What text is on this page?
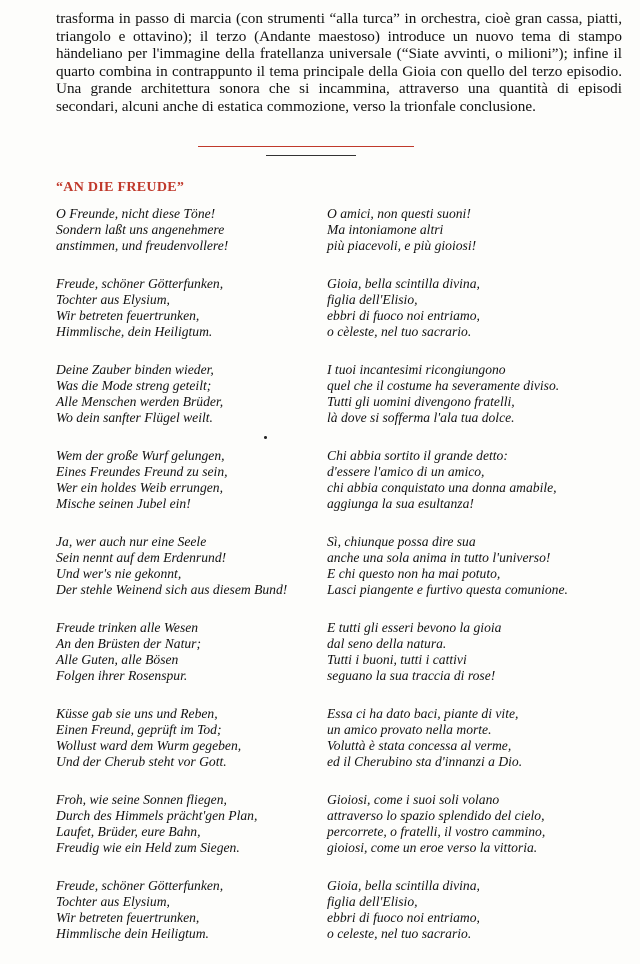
trasforma in passo di marcia (con strumenti “alla turca” in orchestra, cioè gran cassa, piatti, triangolo e ottavino); il terzo (Andante maestoso) introduce un nuovo tema di stampo händeliano per l'immagine della fratellanza universale (“Siate avvinti, o milioni”); infine il quarto combina in contrappunto il tema principale della Gioia con quello del terzo episodio. Una grande architettura sonora che si incammina, attraverso una quantità di episodi secondari, alcuni anche di estatica commozione, verso la trionfale conclusione.

“AN DIE FREUDE”
O Freunde, nicht diese Töne!
Sondern laßt uns angenehmere
anstimmen, und freudenvollere!
Freude, schöner Götterfunken,
Tochter aus Elysium,
Wir betreten feuertrunken,
Himmlische, dein Heiligtum.
Deine Zauber binden wieder,
Was die Mode streng geteilt;
Alle Menschen werden Brüder,
Wo dein sanfter Flügel weilt.
Wem der große Wurf gelungen,
Eines Freundes Freund zu sein,
Wer ein holdes Weib errungen,
Mische seinen Jubel ein!
Ja, wer auch nur eine Seele
Sein nennt auf dem Erdenrund!
Und wer's nie gekonnt,
Der stehle Weinend sich aus diesem Bund!
Freude trinken alle Wesen
An den Brüsten der Natur;
Alle Guten, alle Bösen
Folgen ihrer Rosenspur.
Küsse gab sie uns und Reben,
Einen Freund, geprüft im Tod;
Wollust ward dem Wurm gegeben,
Und der Cherub steht vor Gott.
Froh, wie seine Sonnen fliegen,
Durch des Himmels prächt'gen Plan,
Laufet, Brüder, eure Bahn,
Freudig wie ein Held zum Siegen.
Freude, schöner Götterfunken,
Tochter aus Elysium,
Wir betreten feuertrunken,
Himmlische dein Heiligtum.
O amici, non questi suoni!
Ma intoniamone altri
più piacevoli, e più gioiosi!
Gioia, bella scintilla divina,
figlia dell'Elisio,
ebbri di fuoco noi entriamo,
o cèleste, nel tuo sacrario.
I tuoi incantesimi ricongiungono
quel che il costume ha severamente diviso.
Tutti gli uomini divengono fratelli,
là dove si sofferma l'ala tua dolce.
Chi abbia sortito il grande detto:
d'essere l'amico di un amico,
chi abbia conquistato una donna amabile,
aggiunga la sua esultanza!
Sì, chiunque possa dire sua
anche una sola anima in tutto l'universo!
E chi questo non ha mai potuto,
Lasci piangente e furtivo questa comunione.
E tutti gli esseri bevono la gioia
dal seno della natura.
Tutti i buoni, tutti i cattivi
seguano la sua traccia di rose!
Essa ci ha dato baci, piante di vite,
un amico provato nella morte.
Voluttà è stata concessa al verme,
ed il Cherubino sta d'innanzi a Dio.
Gioiosi, come i suoi soli volano
attraverso lo spazio splendido del cielo,
percorrete, o fratelli, il vostro cammino,
gioiosi, come un eroe verso la vittoria.
Gioia, bella scintilla divina,
figlia dell'Elisio,
ebbri di fuoco noi entriamo,
o celeste, nel tuo sacrario.
